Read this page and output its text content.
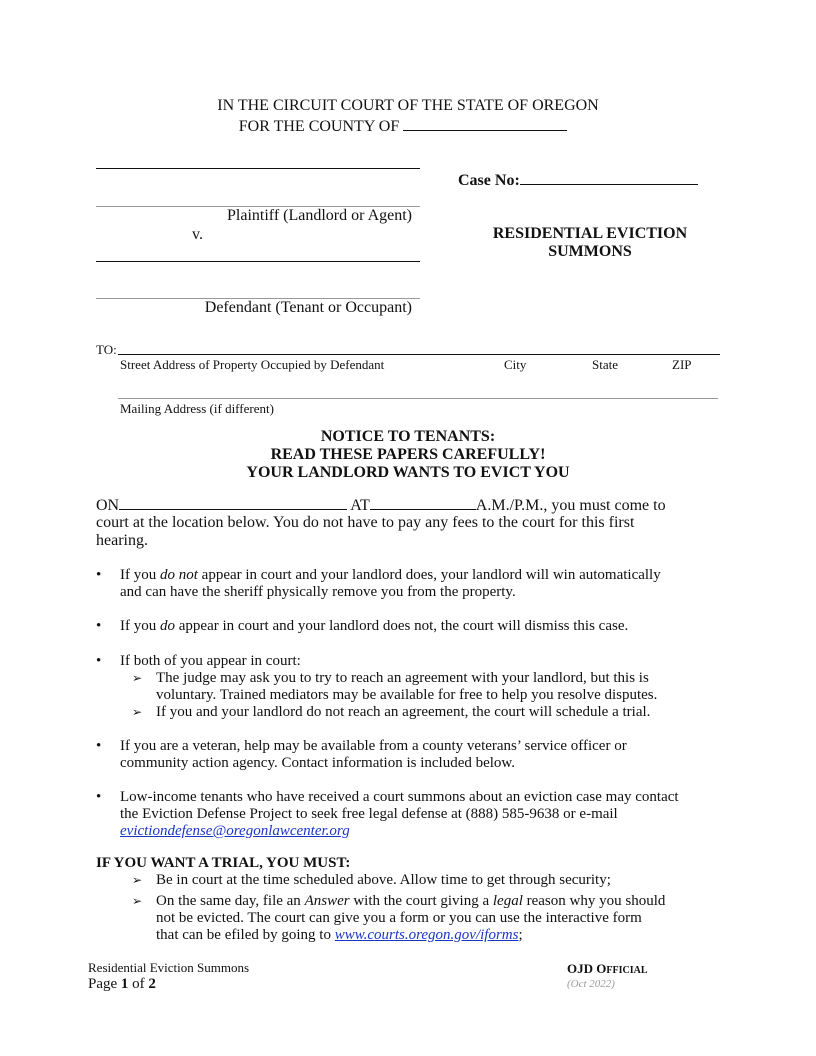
IN THE CIRCUIT COURT OF THE STATE OF OREGON
FOR THE COUNTY OF
Plaintiff (Landlord or Agent)
v.
Defendant (Tenant or Occupant)
Case No:
RESIDENTIAL EVICTION
SUMMONS
TO:
Street Address of Property Occupied by Defendant	City	State	ZIP
Mailing Address (if different)
NOTICE TO TENANTS:
READ THESE PAPERS CAREFULLY!
YOUR LANDLORD WANTS TO EVICT YOU
ON	AT	A.M./P.M., you must come to
court at the location below. You do not have to pay any fees to the court for this first
hearing.
• If you do not appear in court and your landlord does, your landlord will win automatically
and can have the sheriff physically remove you from the property.
• If you do appear in court and your landlord does not, the court will dismiss this case.
• If both of you appear in court:
➢ The judge may ask you to try to reach an agreement with your landlord, but this is
voluntary. Trained mediators may be available for free to help you resolve disputes.
➢ If you and your landlord do not reach an agreement, the court will schedule a trial.
• If you are a veteran, help may be available from a county veterans’ service officer or
community action agency. Contact information is included below.
• Low-income tenants who have received a court summons about an eviction case may contact
the Eviction Defense Project to seek free legal defense at (888) 585-9638 or e-mail
evictiondefense@oregonlawcenter.org
IF YOU WANT A TRIAL, YOU MUST:
➢ Be in court at the time scheduled above. Allow time to get through security;
➢ On the same day, file an Answer with the court giving a legal reason why you should
not be evicted. The court can give you a form or you can use the interactive form
that can be efiled by going to www.courts.oregon.gov/iforms;
Residential Eviction Summons
Page 1 of 2
OJD OFFICIAL
(Oct 2022)
